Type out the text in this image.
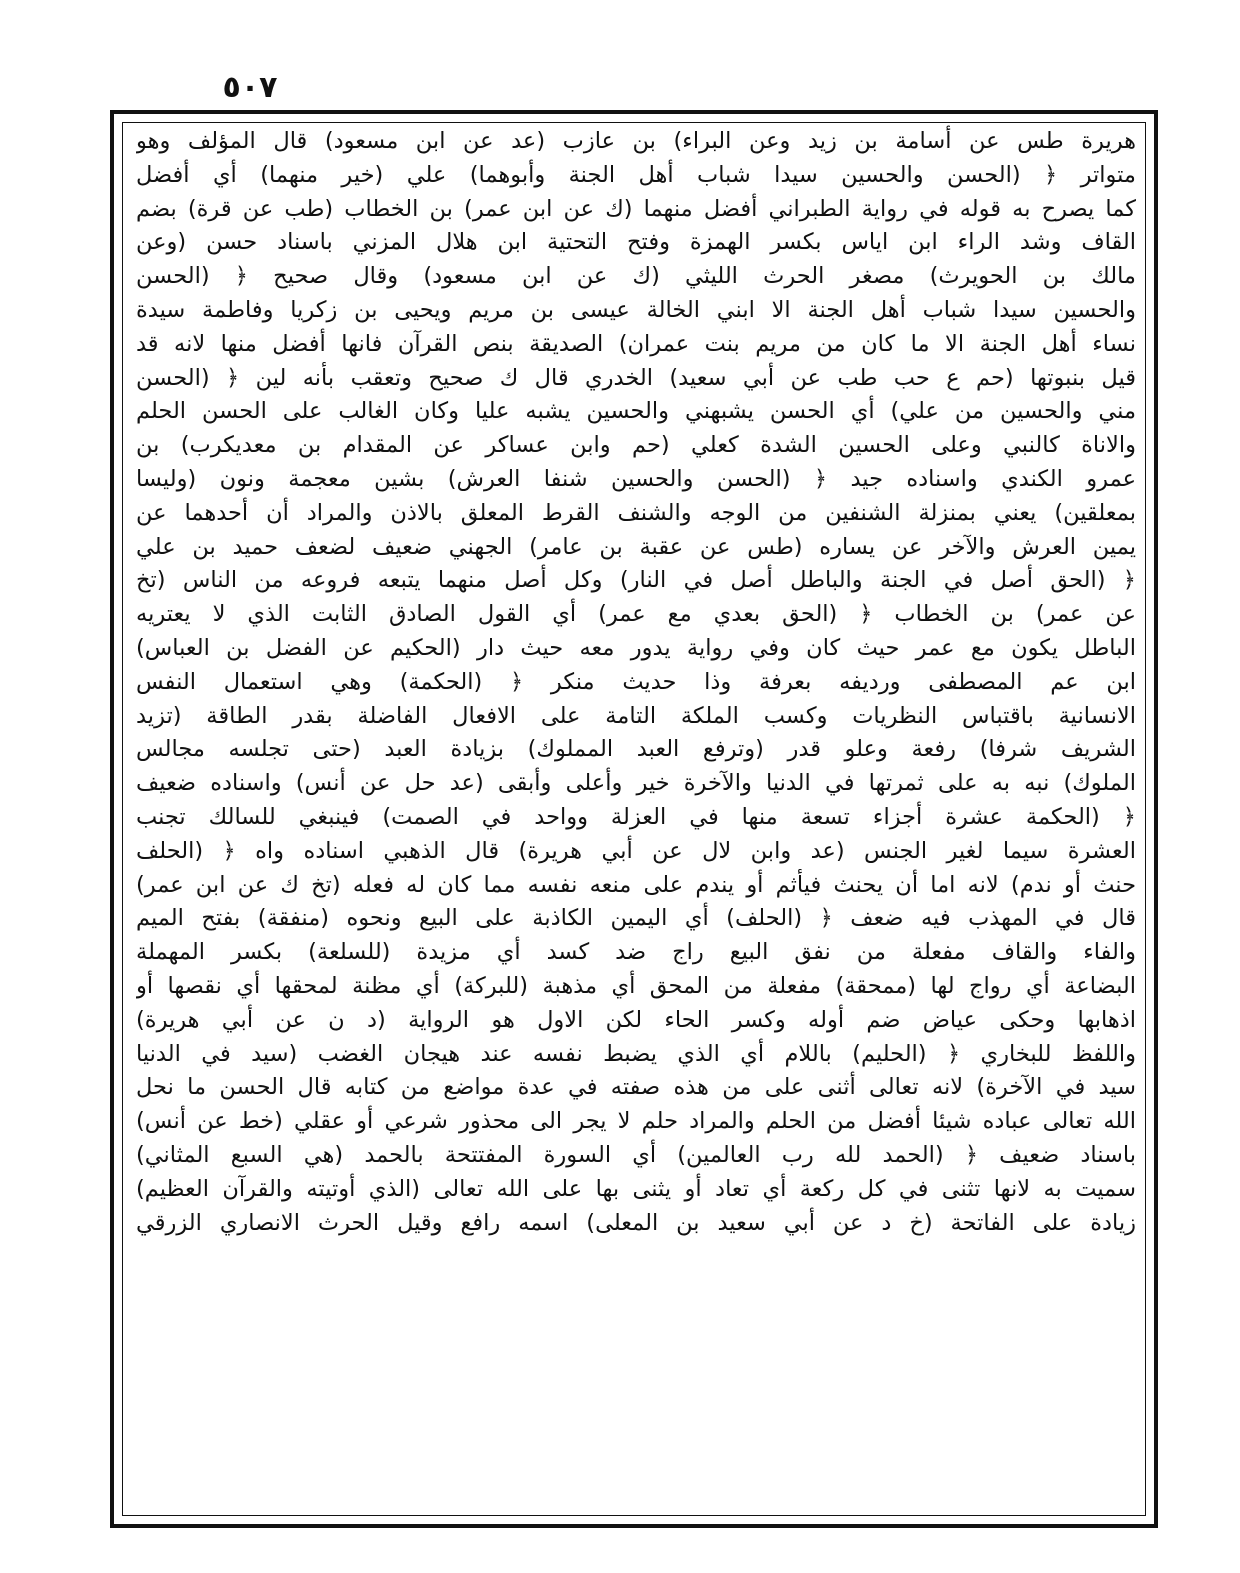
٥٠٧
هريرة طس عن أسامة بن زيد وعن البراء) بن عازب (عد عن ابن مسعود) قال المؤلف وهو
متواتر ﴿ (الحسن والحسين سيدا شباب أهل الجنة وأبوهما) علي (خير منهما) أي أفضل
كما يصرح به قوله في رواية الطبراني أفضل منهما (ك عن ابن عمر) بن الخطاب (طب عن قرة) بضم
القاف وشد الراء ابن اياس بكسر الهمزة وفتح التحتية ابن هلال المزني باسناد حسن (وعن
مالك بن الحويرث) مصغر الحرث الليثي (ك عن ابن مسعود) وقال صحيح ﴿ (الحسن
والحسين سيدا شباب أهل الجنة الا ابني الخالة عيسى بن مريم ويحيى بن زكريا وفاطمة سيدة
نساء أهل الجنة الا ما كان من مريم بنت عمران) الصديقة بنص القرآن فانها أفضل منها لانه قد
قيل بنبوتها (حم ع حب طب عن أبي سعيد) الخدري قال ك صحيح وتعقب بأنه لين ﴿ (الحسن
مني والحسين من علي) أي الحسن يشبهني والحسين يشبه عليا وكان الغالب على الحسن الحلم
والاناة كالنبي وعلى الحسين الشدة كعلي (حم وابن عساكر عن المقدام بن معديكرب) بن
عمرو الكندي واسناده جيد ﴿ (الحسن والحسين شنفا العرش) بشين معجمة ونون (وليسا
بمعلقين) يعني بمنزلة الشنفين من الوجه والشنف القرط المعلق بالاذن والمراد أن أحدهما عن
يمين العرش والآخر عن يساره (طس عن عقبة بن عامر) الجهني ضعيف لضعف حميد بن علي
﴿ (الحق أصل في الجنة والباطل أصل في النار) وكل أصل منهما يتبعه فروعه من الناس (تخ
عن عمر) بن الخطاب ﴿ (الحق بعدي مع عمر) أي القول الصادق الثابت الذي لا يعتريه
الباطل يكون مع عمر حيث كان وفي رواية يدور معه حيث دار (الحكيم عن الفضل بن العباس)
ابن عم المصطفى ورديفه بعرفة وذا حديث منكر ﴿ (الحكمة) وهي استعمال النفس
الانسانية باقتباس النظريات وكسب الملكة التامة على الافعال الفاضلة بقدر الطاقة (تزيد
الشريف شرفا) رفعة وعلو قدر (وترفع العبد المملوك) بزيادة العبد (حتى تجلسه مجالس
الملوك) نبه به على ثمرتها في الدنيا والآخرة خير وأعلى وأبقى (عد حل عن أنس) واسناده ضعيف
﴿ (الحكمة عشرة أجزاء تسعة منها في العزلة وواحد في الصمت) فينبغي للسالك تجنب
العشرة سيما لغير الجنس (عد وابن لال عن أبي هريرة) قال الذهبي اسناده واه ﴿ (الحلف
حنث أو ندم) لانه اما أن يحنث فيأثم أو يندم على منعه نفسه مما كان له فعله (تخ ك عن ابن عمر)
قال في المهذب فيه ضعف ﴿ (الحلف) أي اليمين الكاذبة على البيع ونحوه (منفقة) بفتح الميم
والفاء والقاف مفعلة من نفق البيع راج ضد كسد أي مزيدة (للسلعة) بكسر المهملة
البضاعة أي رواج لها (ممحقة) مفعلة من المحق أي مذهبة (للبركة) أي مظنة لمحقها أي نقصها أو
اذهابها وحكى عياض ضم أوله وكسر الحاء لكن الاول هو الرواية (د ن عن أبي هريرة)
واللفظ للبخاري ﴿ (الحليم) باللام أي الذي يضبط نفسه عند هيجان الغضب (سيد في الدنيا
سيد في الآخرة) لانه تعالى أثنى على من هذه صفته في عدة مواضع من كتابه قال الحسن ما نحل
الله تعالى عباده شيئا أفضل من الحلم والمراد حلم لا يجر الى محذور شرعي أو عقلي (خط عن أنس)
باسناد ضعيف ﴿ (الحمد لله رب العالمين) أي السورة المفتتحة بالحمد (هي السبع المثاني)
سميت به لانها تثنى في كل ركعة أي تعاد أو يثنى بها على الله تعالى (الذي أوتيته والقرآن العظيم)
زيادة على الفاتحة (خ د عن أبي سعيد بن المعلى) اسمه رافع وقيل الحرث الانصاري الزرقي
